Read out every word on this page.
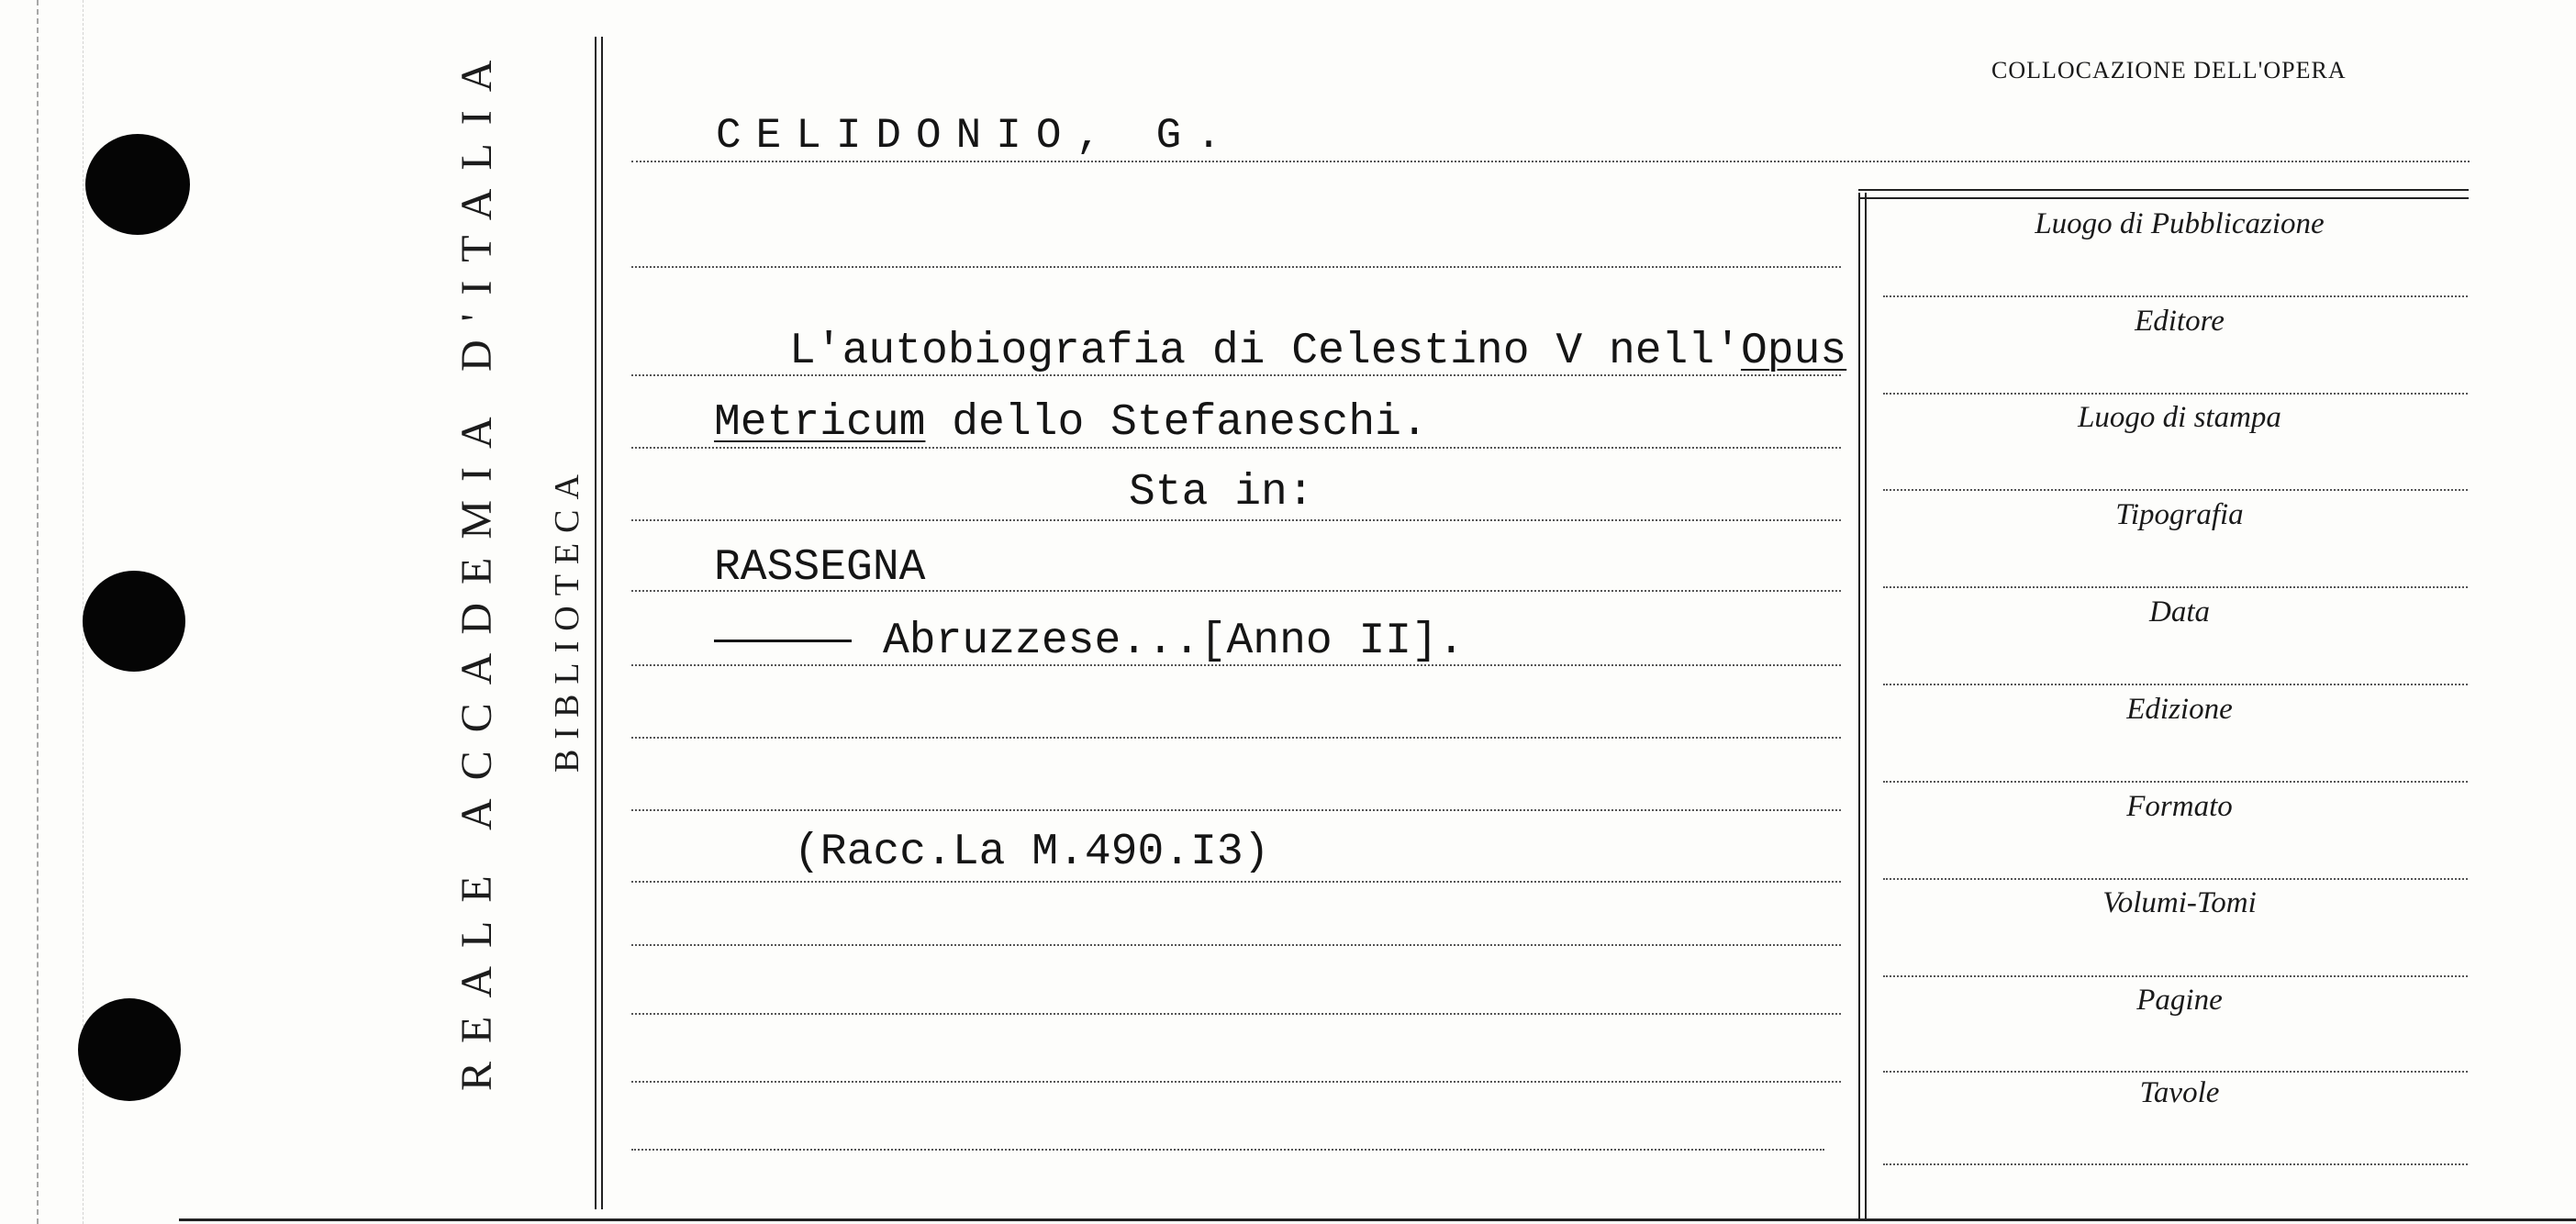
REALE ACCADEMIA D'ITALIA BIBLIOTECA
CELIDONIO, G.
L'autobiografia di Celestino V nell'Opus
Metricum dello Stefaneschi.
Sta in:
RASSEGNA
Abruzzese...[Anno II].
(Racc.La M.490.I3)
COLLOCAZIONE DELL'OPERA
Luogo di Pubblicazione
Editore
Luogo di stampa
Tipografia
Data
Edizione
Formato
Volumi-Tomi
Pagine
Tavole
